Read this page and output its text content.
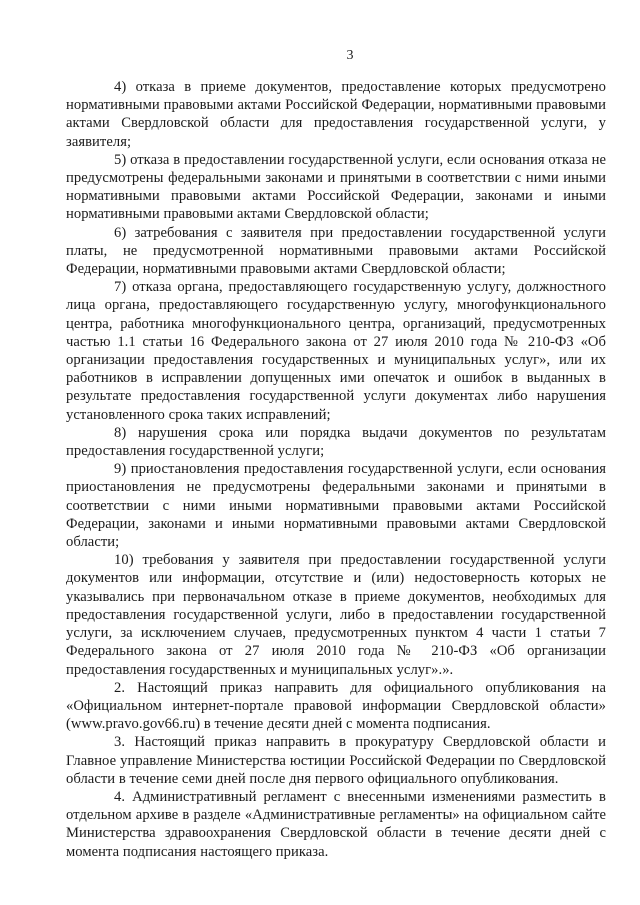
3

4) отказа в приеме документов, предоставление которых предусмотрено нормативными правовыми актами Российской Федерации, нормативными правовыми актами Свердловской области для предоставления государственной услуги, у заявителя;

5) отказа в предоставлении государственной услуги, если основания отказа не предусмотрены федеральными законами и принятыми в соответствии с ними иными нормативными правовыми актами Российской Федерации, законами и иными нормативными правовыми актами Свердловской области;

6) затребования с заявителя при предоставлении государственной услуги платы, не предусмотренной нормативными правовыми актами Российской Федерации, нормативными правовыми актами Свердловской области;

7) отказа органа, предоставляющего государственную услугу, должностного лица органа, предоставляющего государственную услугу, многофункционального центра, работника многофункционального центра, организаций, предусмотренных частью 1.1 статьи 16 Федерального закона от 27 июля 2010 года № 210-ФЗ «Об организации предоставления государственных и муниципальных услуг», или их работников в исправлении допущенных ими опечаток и ошибок в выданных в результате предоставления государственной услуги документах либо нарушения установленного срока таких исправлений;

8) нарушения срока или порядка выдачи документов по результатам предоставления государственной услуги;

9) приостановления предоставления государственной услуги, если основания приостановления не предусмотрены федеральными законами и принятыми в соответствии с ними иными нормативными правовыми актами Российской Федерации, законами и иными нормативными правовыми актами Свердловской области;

10) требования у заявителя при предоставлении государственной услуги документов или информации, отсутствие и (или) недостоверность которых не указывались при первоначальном отказе в приеме документов, необходимых для предоставления государственной услуги, либо в предоставлении государственной услуги, за исключением случаев, предусмотренных пунктом 4 части 1 статьи 7 Федерального закона от 27 июля 2010 года № 210-ФЗ «Об организации предоставления государственных и муниципальных услуг».».

2. Настоящий приказ направить для официального опубликования на «Официальном интернет-портале правовой информации Свердловской области» (www.pravo.gov66.ru) в течение десяти дней с момента подписания.

3. Настоящий приказ направить в прокуратуру Свердловской области и Главное управление Министерства юстиции Российской Федерации по Свердловской области в течение семи дней после дня первого официального опубликования.

4. Административный регламент с внесенными изменениями разместить в отдельном архиве в разделе «Административные регламенты» на официальном сайте Министерства здравоохранения Свердловской области в течение десяти дней с момента подписания настоящего приказа.
